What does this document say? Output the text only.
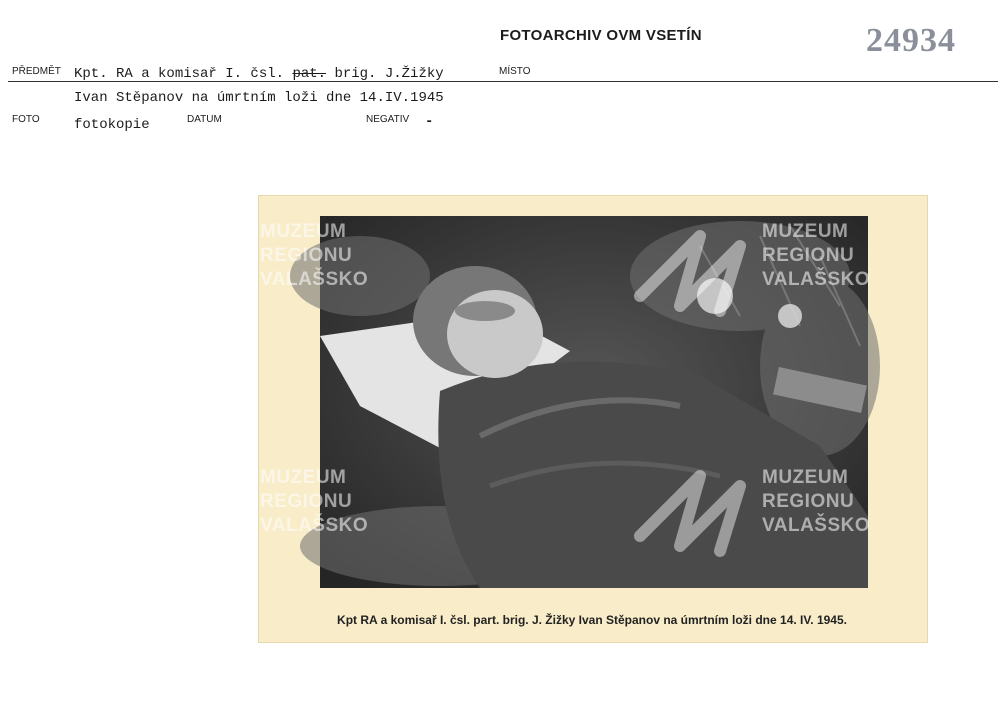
FOTOARCHIV OVM VSETÍN	24934
PŘEDMĚT Kpt. RA a komisař I. čsl. pat. brig. J.Žižky	MÍSTO
Ivan Stěpanov na úmrtním loži dne 14.IV.1945
FOTO fotokopie	DATUM	NEGATIV -
MUZEUM
REGIONU
VALAŠSKO
MUZEUM
REGIONU
VALAŠSKO
MUZEUM
REGIONU
VALAŠSKO
MUZEUM
REGIONU
VALAŠSKO
Kpt RA a komisař I. čsl. part. brig. J. Žižky Ivan Stěpanov na úmrtním loži dne 14. IV. 1945.
